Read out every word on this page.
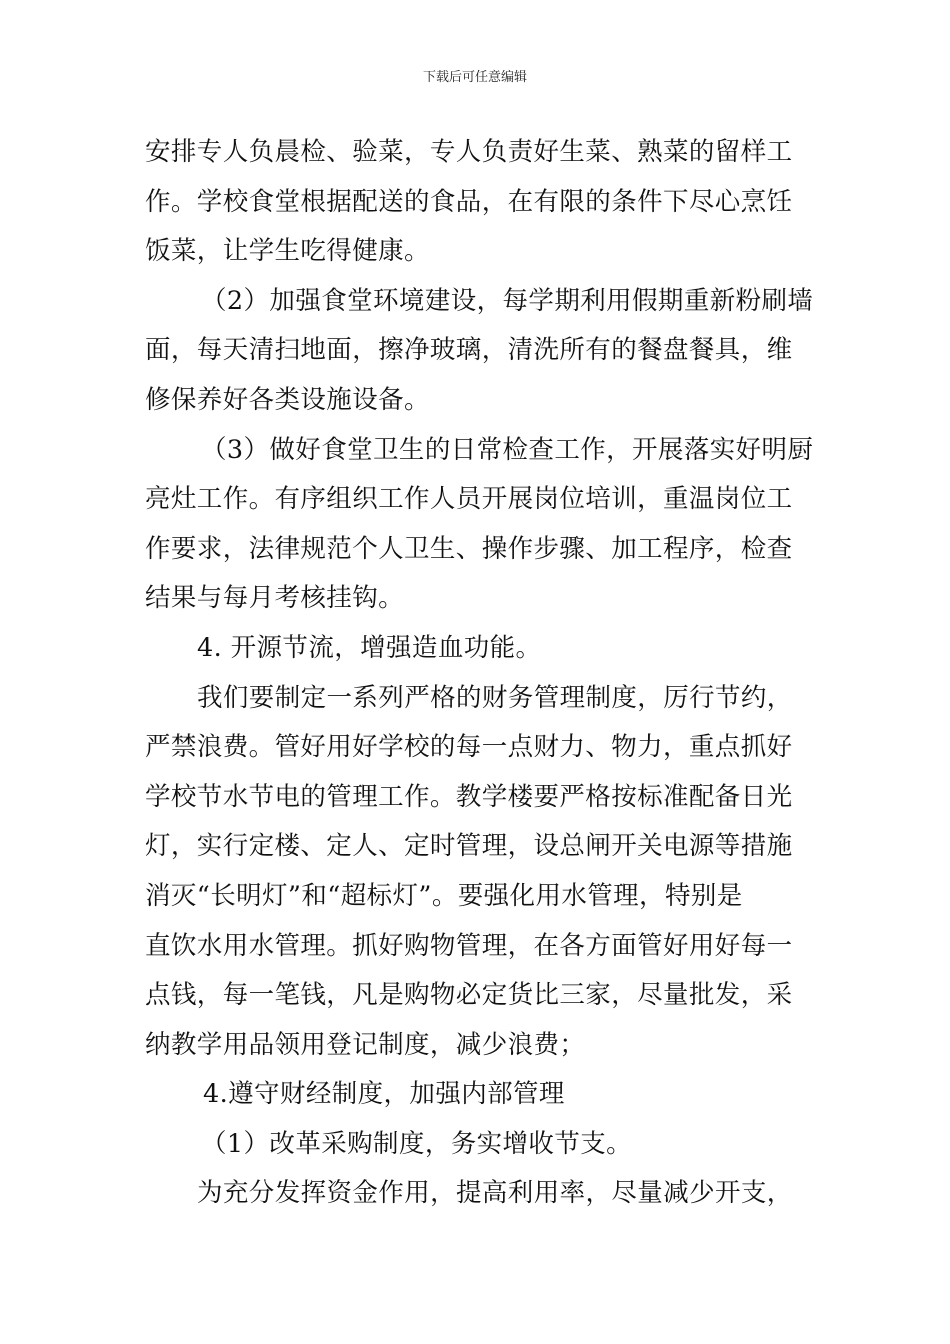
下载后可任意编辑
安排专人负晨检、验菜，专人负责好生菜、熟菜的留样工
作。学校食堂根据配送的食品，在有限的条件下尽心烹饪
饭菜，让学生吃得健康。
（2）加强食堂环境建设，每学期利用假期重新粉刷墙
面，每天清扫地面，擦净玻璃，清洗所有的餐盘餐具，维
修保养好各类设施设备。
（3）做好食堂卫生的日常检查工作，开展落实好明厨
亮灶工作。有序组织工作人员开展岗位培训，重温岗位工
作要求，法律规范个人卫生、操作步骤、加工程序，检查
结果与每月考核挂钩。
4. 开源节流，增强造血功能。
我们要制定一系列严格的财务管理制度，厉行节约，
严禁浪费。管好用好学校的每一点财力、物力，重点抓好
学校节水节电的管理工作。教学楼要严格按标准配备日光
灯，实行定楼、定人、定时管理，设总闸开关电源等措施
消灭“长明灯”和“超标灯”。要强化用水管理，特别是
直饮水用水管理。抓好购物管理，在各方面管好用好每一
点钱，每一笔钱，凡是购物必定货比三家，尽量批发，采
纳教学用品领用登记制度，减少浪费；
4.遵守财经制度，加强内部管理
（1）改革采购制度，务实增收节支。
为充分发挥资金作用，提高利用率，尽量减少开支，
